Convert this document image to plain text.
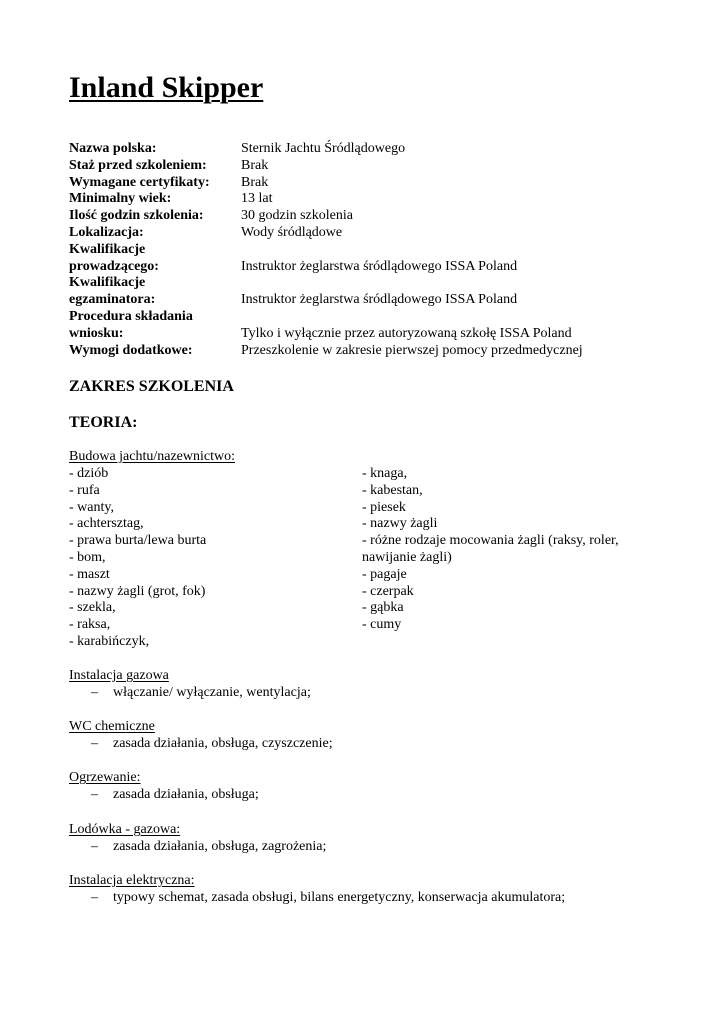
Inland Skipper
Nazwa polska:	Sternik Jachtu Śródlądowego
Staż przed szkoleniem:	Brak
Wymagane certyfikaty:	Brak
Minimalny wiek:	13 lat
Ilość godzin szkolenia:	30 godzin szkolenia
Lokalizacja:	Wody śródlądowe
Kwalifikacje
prowadzącego:	Instruktor żeglarstwa śródlądowego ISSA Poland
Kwalifikacje
egzaminatora:	Instruktor żeglarstwa śródlądowego ISSA Poland
Procedura składania
wniosku:	Tylko i wyłącznie przez autoryzowaną szkołę ISSA Poland
Wymogi dodatkowe:	Przeszkolenie w zakresie pierwszej pomocy przedmedycznej
ZAKRES SZKOLENIA
TEORIA:
Budowa jachtu/nazewnictwo:
- dziób
- rufa
- wanty,
- achtersztag,
- prawa burta/lewa burta
- bom,
- maszt
- nazwy żagli (grot, fok)
- szekla,
- raksa,
- karabińczyk,
- knaga,
- kabestan,
- piesek
- nazwy żagli
- różne rodzaje mocowania żagli (raksy, roler, nawijanie żagli)
- pagaje
- czerpak
- gąbka
- cumy
Instalacja gazowa
–	włączanie/ wyłączanie, wentylacja;
WC chemiczne
–	zasada działania, obsługa, czyszczenie;
Ogrzewanie:
–	zasada działania, obsługa;
Lodówka - gazowa:
–	zasada działania, obsługa, zagrożenia;
Instalacja elektryczna:
–	typowy schemat, zasada obsługi, bilans energetyczny, konserwacja akumulatora;
